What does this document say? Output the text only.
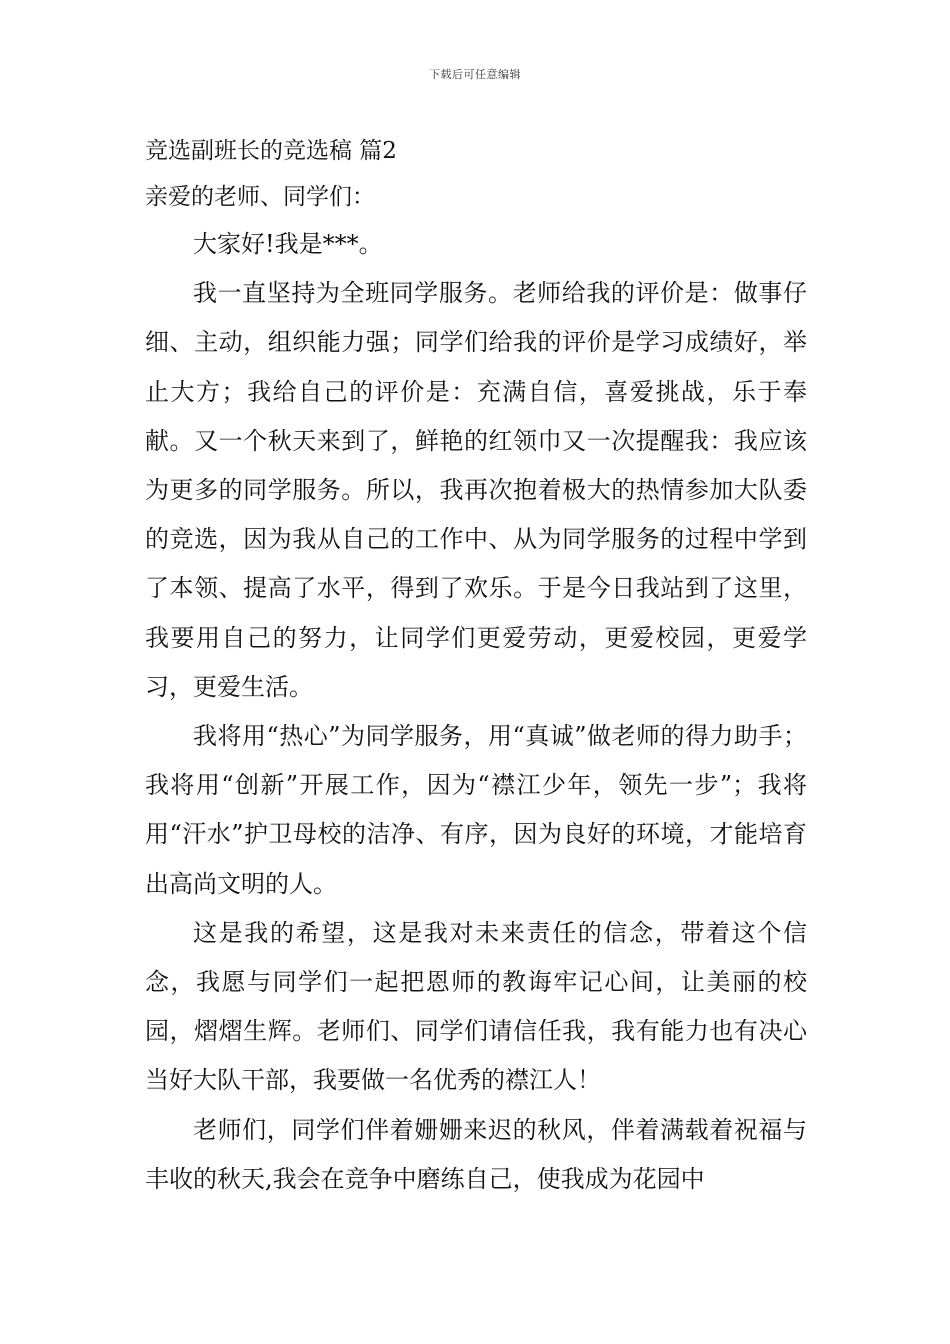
下载后可任意编辑
竞选副班长的竞选稿 篇2

亲爱的老师、同学们：

大家好!我是***。

我一直坚持为全班同学服务。老师给我的评价是：做事仔细、主动，组织能力强；同学们给我的评价是学习成绩好，举止大方；我给自己的评价是：充满自信，喜爱挑战，乐于奉献。又一个秋天来到了，鲜艳的红领巾又一次提醒我：我应该为更多的同学服务。所以，我再次抱着极大的热情参加大队委的竞选，因为我从自己的工作中、从为同学服务的过程中学到了本领、提高了水平，得到了欢乐。于是今日我站到了这里，我要用自己的努力，让同学们更爱劳动，更爱校园，更爱学习，更爱生活。

我将用“热心”为同学服务，用“真诚”做老师的得力助手；我将用“创新”开展工作，因为“襟江少年，领先一步”；我将用“汗水”护卫母校的洁净、有序，因为良好的环境，才能培育出高尚文明的人。

这是我的希望，这是我对未来责任的信念，带着这个信念，我愿与同学们一起把恩师的教诲牢记心间，让美丽的校园，熠熠生辉。老师们、同学们请信任我，我有能力也有决心当好大队干部，我要做一名优秀的襟江人！

老师们，同学们伴着姗姗来迟的秋风，伴着满载着祝福与丰收的秋天,我会在竞争中磨练自己，使我成为花园中
